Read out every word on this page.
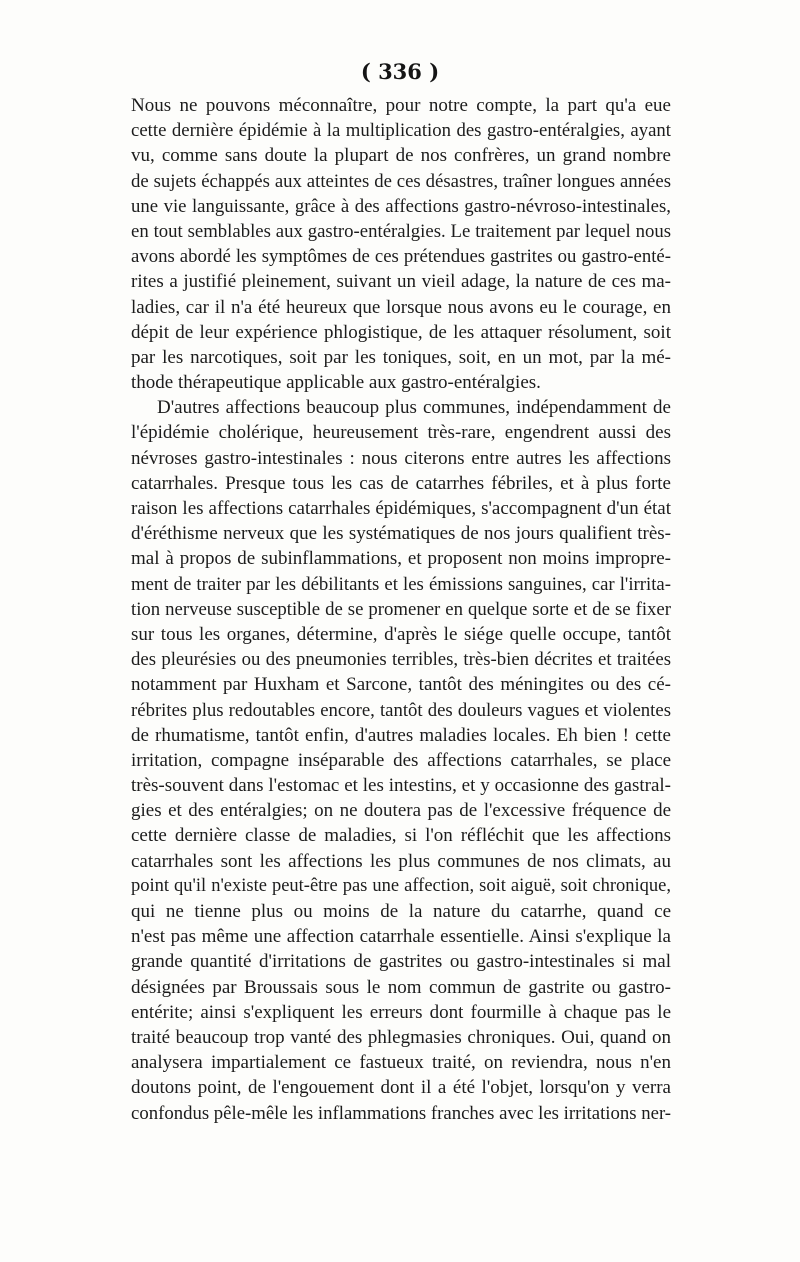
( 336 )
Nous ne pouvons méconnaître, pour notre compte, la part qu'a eue
cette dernière épidémie à la multiplication des gastro-entéralgies, ayant
vu, comme sans doute la plupart de nos confrères, un grand nombre
de sujets échappés aux atteintes de ces désastres, traîner longues années
une vie languissante, grâce à des affections gastro-névroso-intestinales,
en tout semblables aux gastro-entéralgies. Le traitement par lequel nous
avons abordé les symptômes de ces prétendues gastrites ou gastro-enté-
rites a justifié pleinement, suivant un vieil adage, la nature de ces ma-
ladies, car il n'a été heureux que lorsque nous avons eu le courage, en
dépit de leur expérience phlogistique, de les attaquer résolument, soit
par les narcotiques, soit par les toniques, soit, en un mot, par la mé-
thode thérapeutique applicable aux gastro-entéralgies.
D'autres affections beaucoup plus communes, indépendamment de
l'épidémie cholérique, heureusement très-rare, engendrent aussi des
névroses gastro-intestinales : nous citerons entre autres les affections
catarrhales. Presque tous les cas de catarrhes fébriles, et à plus forte
raison les affections catarrhales épidémiques, s'accompagnent d'un état
d'éréthisme nerveux que les systématiques de nos jours qualifient très-
mal à propos de subinflammations, et proposent non moins impropre-
ment de traiter par les débilitants et les émissions sanguines, car l'irrita-
tion nerveuse susceptible de se promener en quelque sorte et de se fixer
sur tous les organes, détermine, d'après le siége quelle occupe, tantôt
des pleurésies ou des pneumonies terribles, très-bien décrites et traitées
notamment par Huxham et Sarcone, tantôt des méningites ou des cé-
rébrites plus redoutables encore, tantôt des douleurs vagues et violentes
de rhumatisme, tantôt enfin, d'autres maladies locales. Eh bien ! cette
irritation, compagne inséparable des affections catarrhales, se place
très-souvent dans l'estomac et les intestins, et y occasionne des gastral-
gies et des entéralgies; on ne doutera pas de l'excessive fréquence de
cette dernière classe de maladies, si l'on réfléchit que les affections
catarrhales sont les affections les plus communes de nos climats, au
point qu'il n'existe peut-être pas une affection, soit aiguë, soit chronique,
qui ne tienne plus ou moins de la nature du catarrhe, quand ce
n'est pas même une affection catarrhale essentielle. Ainsi s'explique la
grande quantité d'irritations de gastrites ou gastro-intestinales si mal
désignées par Broussais sous le nom commun de gastrite ou gastro-
entérite; ainsi s'expliquent les erreurs dont fourmille à chaque pas le
traité beaucoup trop vanté des phlegmasies chroniques. Oui, quand on
analysera impartialement ce fastueux traité, on reviendra, nous n'en
doutons point, de l'engouement dont il a été l'objet, lorsqu'on y verra
confondus pêle-mêle les inflammations franches avec les irritations ner-
